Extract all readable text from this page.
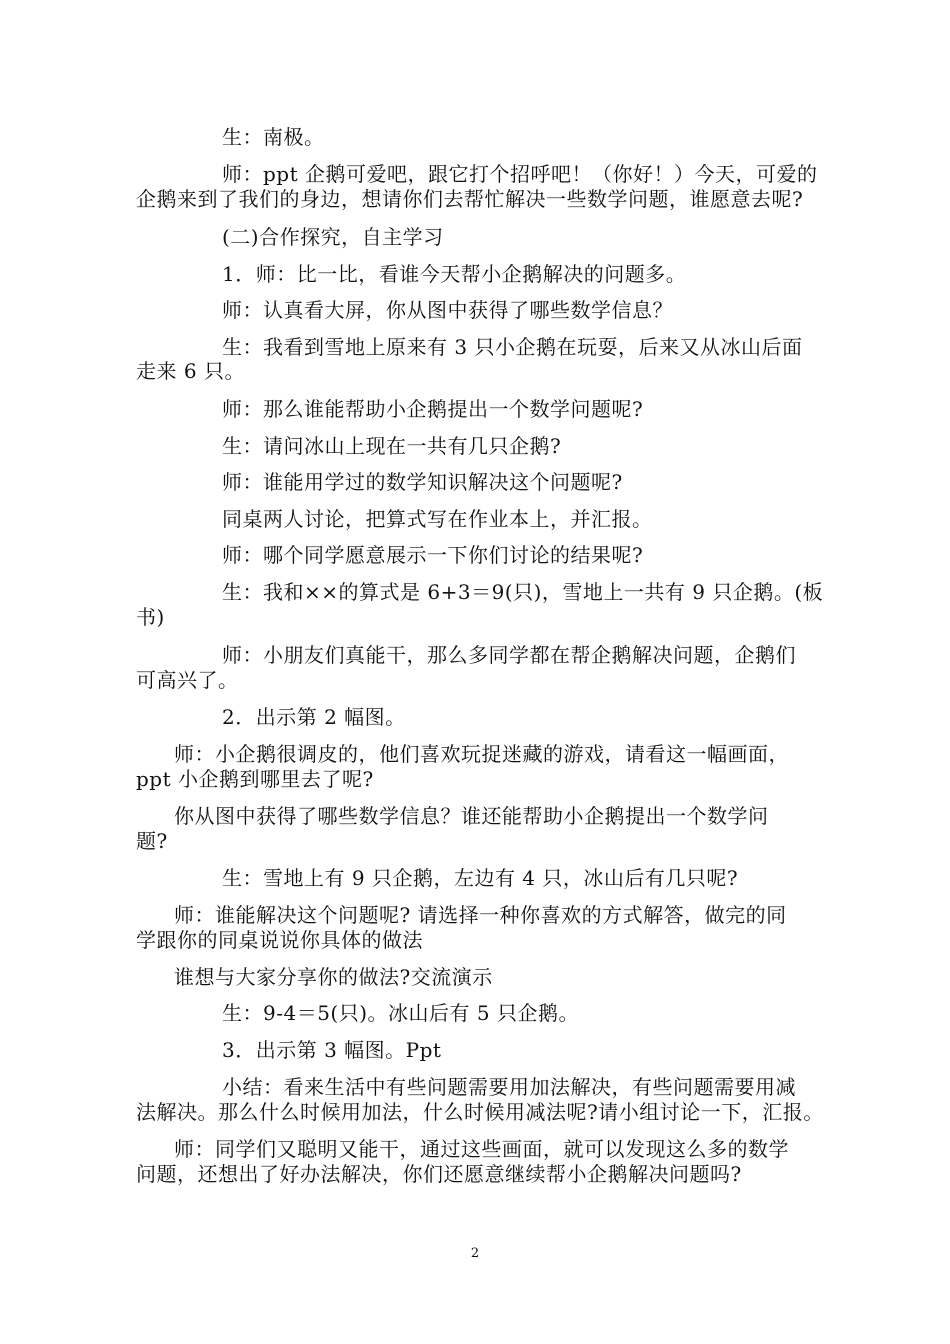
生：南极。
师：ppt 企鹅可爱吧，跟它打个招呼吧！（你好！）今天，可爱的
企鹅来到了我们的身边，想请你们去帮忙解决一些数学问题，谁愿意去呢?
(二)合作探究，自主学习
1．师：比一比，看谁今天帮小企鹅解决的问题多。
师：认真看大屏，你从图中获得了哪些数学信息？
生：我看到雪地上原来有 3 只小企鹅在玩耍，后来又从冰山后面
走来 6 只。
师：那么谁能帮助小企鹅提出一个数学问题呢?
生：请问冰山上现在一共有几只企鹅?
师：谁能用学过的数学知识解决这个问题呢?
同桌两人讨论，把算式写在作业本上，并汇报。
师：哪个同学愿意展示一下你们讨论的结果呢?
生：我和××的算式是 6+3＝9(只)，雪地上一共有 9 只企鹅。(板
书)
师：小朋友们真能干，那么多同学都在帮企鹅解决问题，企鹅们
可高兴了。
2．出示第 2 幅图。
师：小企鹅很调皮的，他们喜欢玩捉迷藏的游戏，请看这一幅画面，
ppt 小企鹅到哪里去了呢?
你从图中获得了哪些数学信息？谁还能帮助小企鹅提出一个数学问
题?
生：雪地上有 9 只企鹅，左边有 4 只，冰山后有几只呢?
师：谁能解决这个问题呢? 请选择一种你喜欢的方式解答，做完的同
学跟你的同桌说说你具体的做法
谁想与大家分享你的做法?交流演示
生：9-4＝5(只)。冰山后有 5 只企鹅。
3．出示第 3 幅图。Ppt
小结：看来生活中有些问题需要用加法解决，有些问题需要用减
法解决。那么什么时候用加法，什么时候用减法呢?请小组讨论一下，汇报。
师：同学们又聪明又能干，通过这些画面，就可以发现这么多的数学
问题，还想出了好办法解决，你们还愿意继续帮小企鹅解决问题吗?
2
